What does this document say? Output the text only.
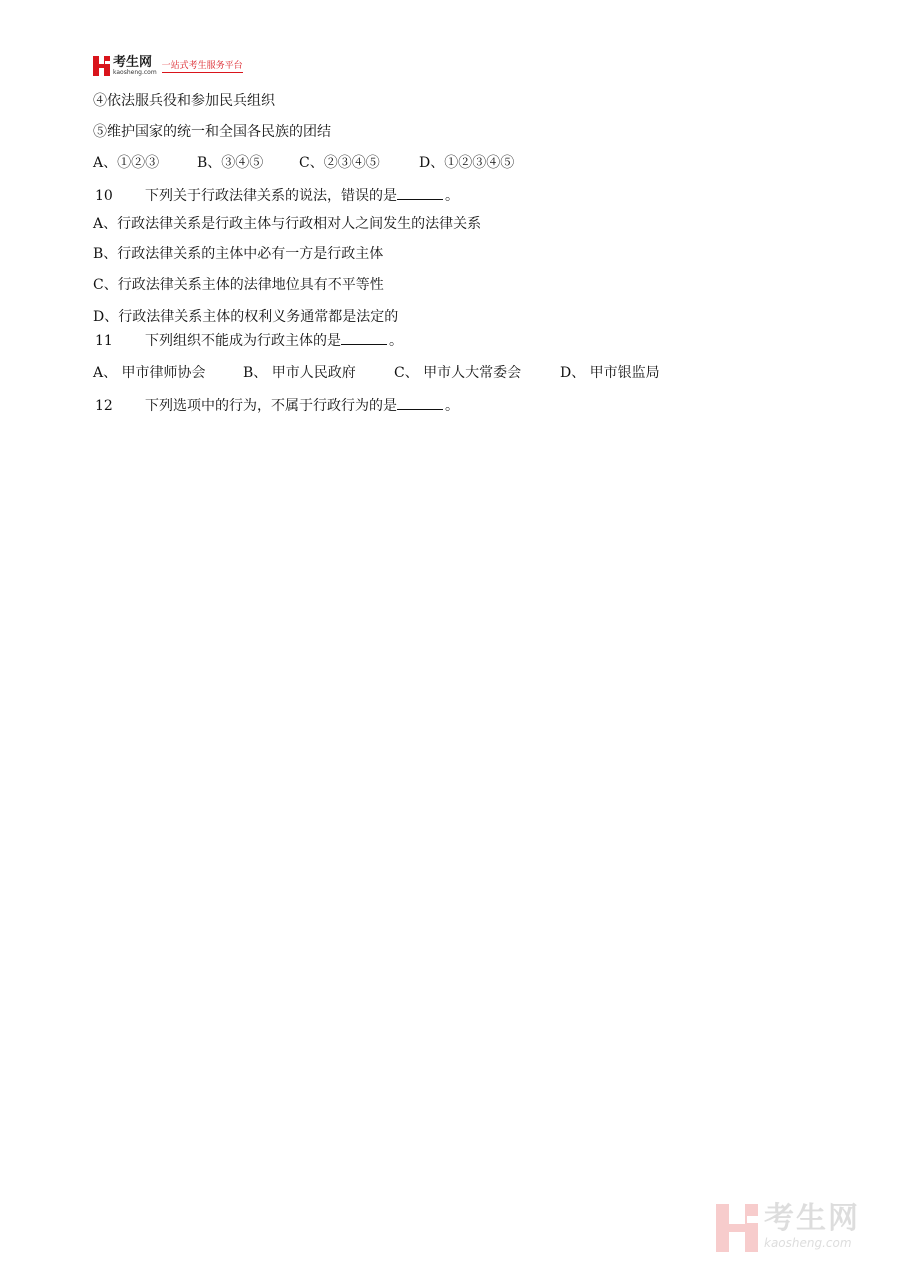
考生网
kaosheng.com
一站式考生服务平台
④依法服兵役和参加民兵组织
⑤维护国家的统一和全国各民族的团结
A、①②③	B、③④⑤	C、②③④⑤	D、①②③④⑤
10 下列关于行政法律关系的说法，错误的是	。
A、行政法律关系是行政主体与行政相对人之间发生的法律关系
B、行政法律关系的主体中必有一方是行政主体
C、行政法律关系主体的法律地位具有不平等性
D、行政法律关系主体的权利义务通常都是法定的
11 下列组织不能成为行政主体的是	。
A、 甲市律师协会	B、 甲市人民政府	C、 甲市人大常委会	D、 甲市银监局
12 下列选项中的行为，不属于行政行为的是	。
考生网
kaosheng.com
